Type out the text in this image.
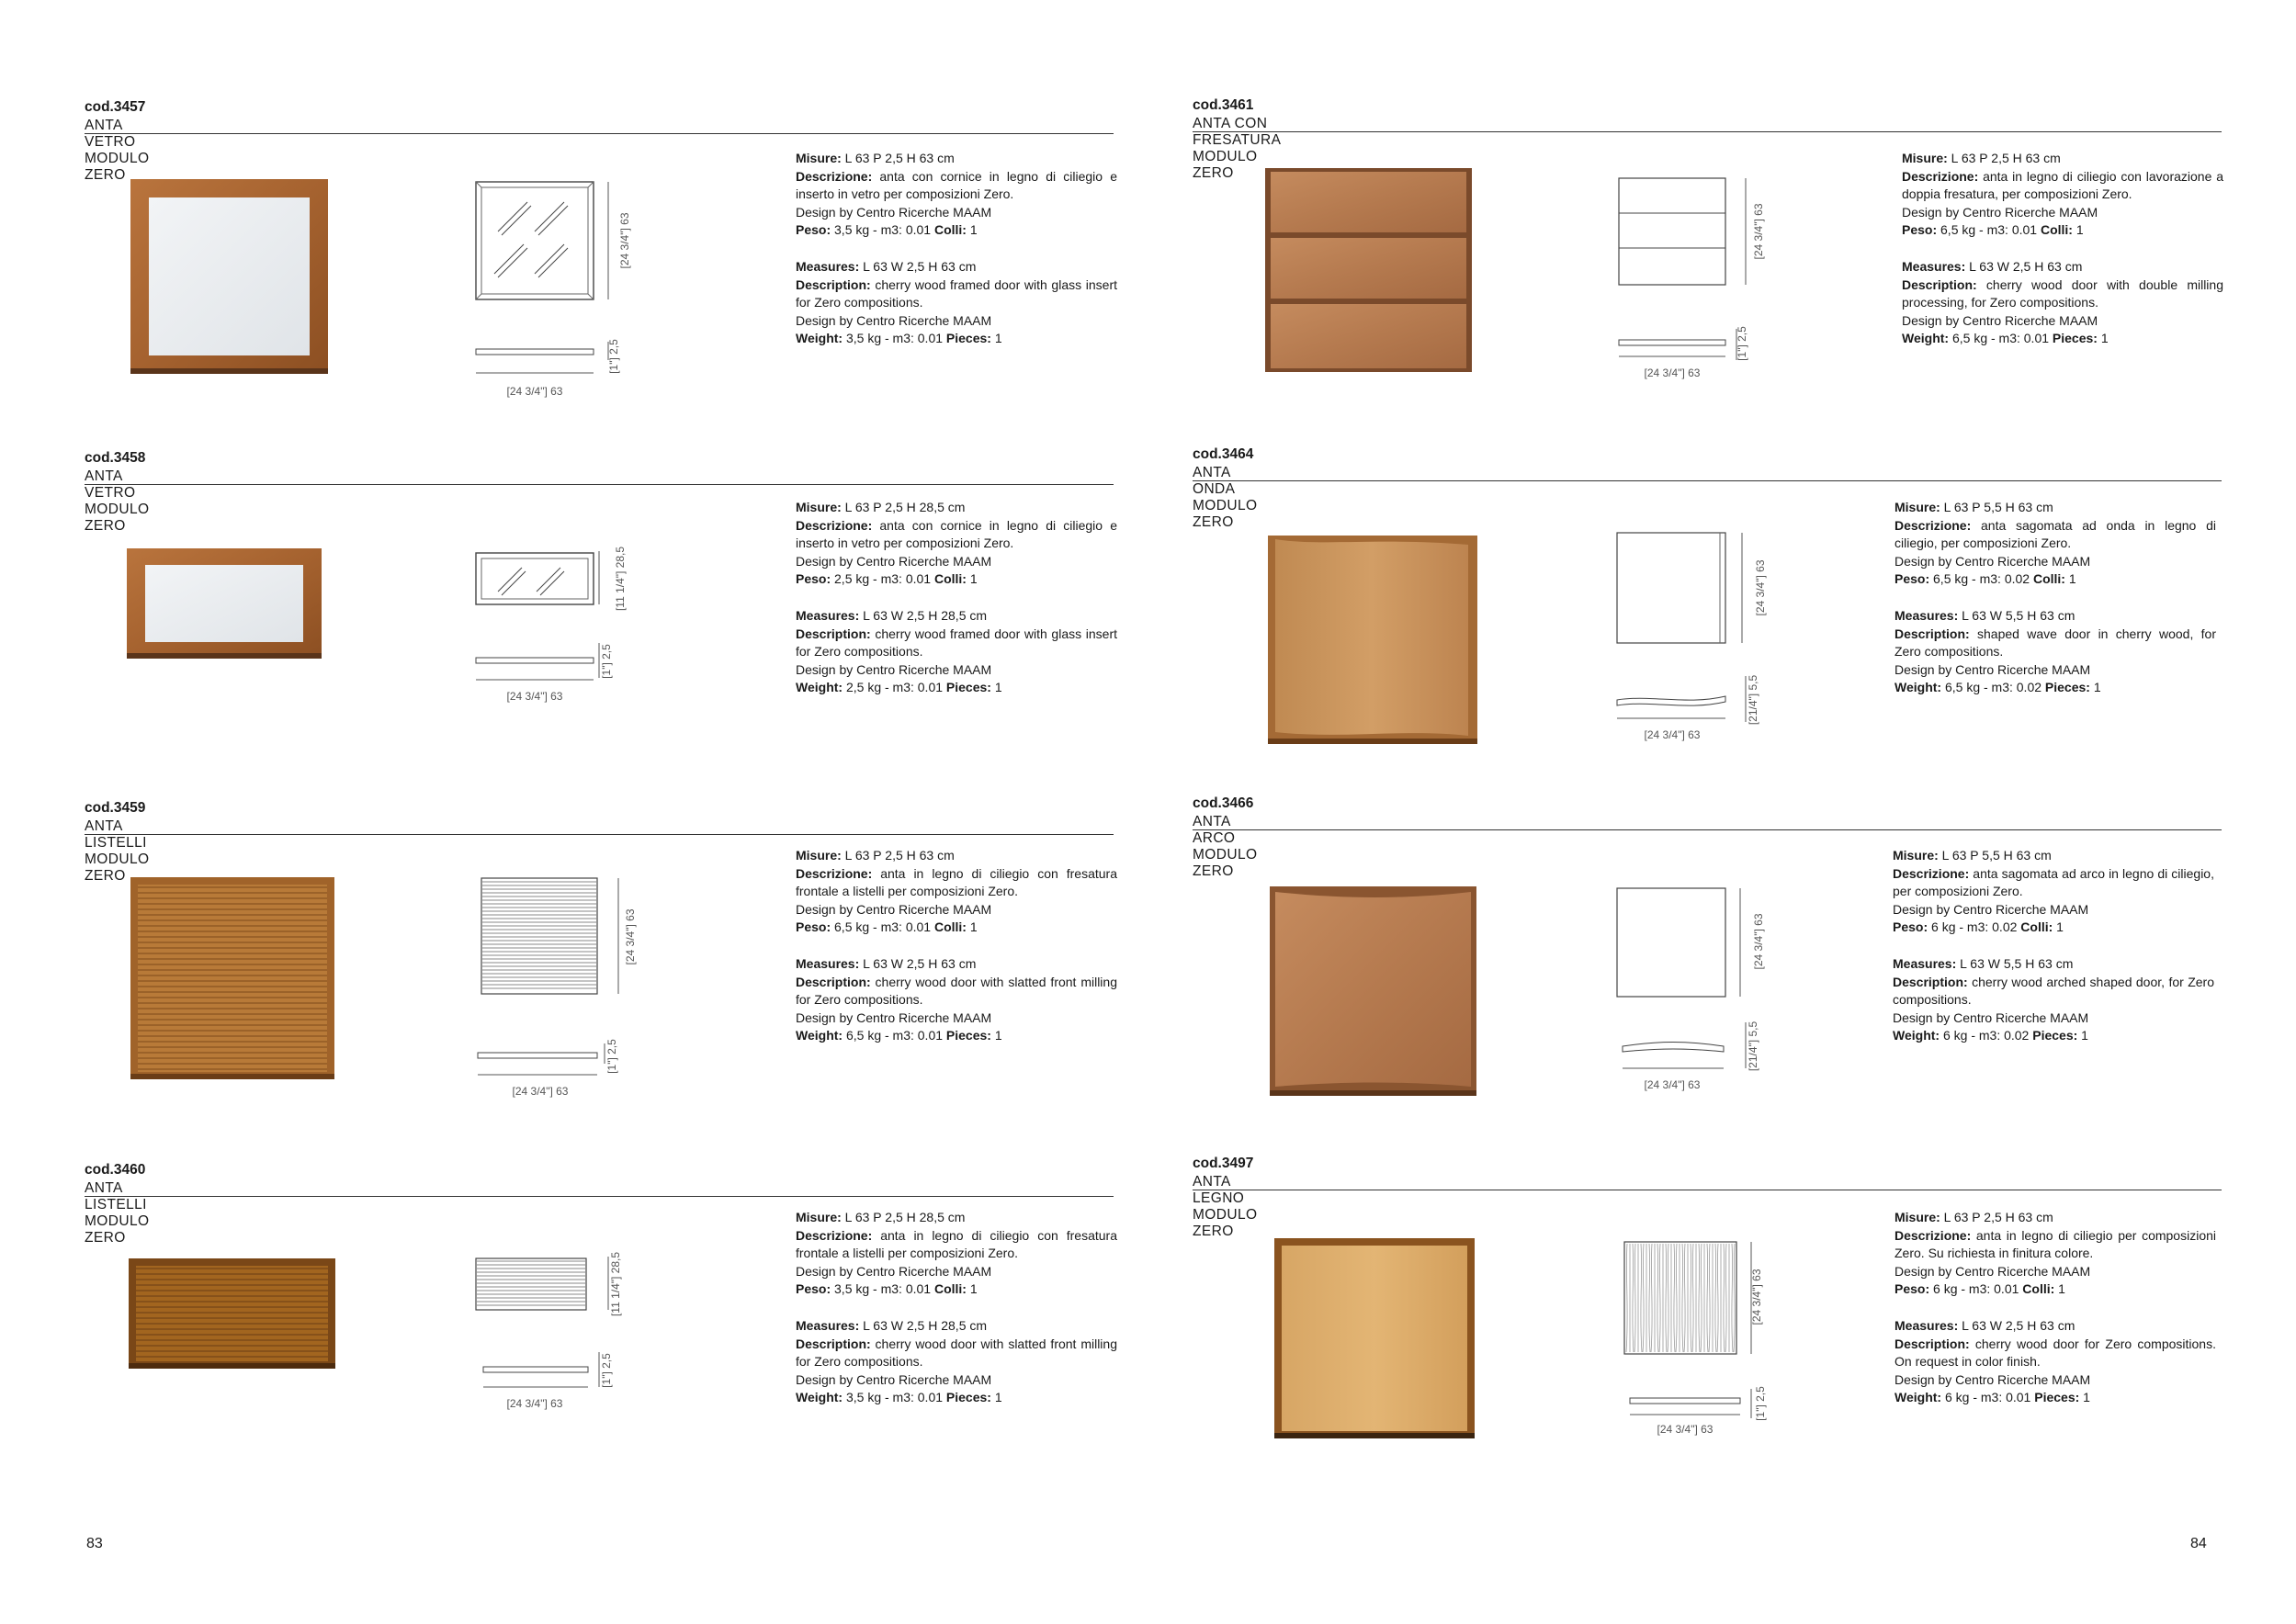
cod.3457
ANTA VETRO MODULO ZERO
[24 3/4"] 63
[1"] 2,5
[24 3/4"] 63

Misure: L 63 P 2,5 H 63 cm

Descrizione: anta con cornice in legno di ciliegio e inserto in vetro per composizioni Zero.

Design by Centro Ricerche MAAM

Peso: 3,5 kg - m3: 0.01 Colli: 1

Measures: L 63 W 2,5 H 63 cm

Description: cherry wood framed door with glass insert for Zero compositions.

Design by Centro Ricerche MAAM

Weight: 3,5 kg - m3: 0.01 Pieces: 1

cod.3458
ANTA VETRO MODULO ZERO
[11 1/4"] 28,5
[1"] 2,5
[24 3/4"] 63

Misure: L 63 P 2,5 H 28,5 cm

Descrizione: anta con cornice in legno di ciliegio e inserto in vetro per composizioni Zero.

Design by Centro Ricerche MAAM

Peso: 2,5 kg - m3: 0.01 Colli: 1

Measures: L 63 W 2,5 H 28,5 cm

Description: cherry wood framed door with glass insert for Zero compositions.

Design by Centro Ricerche MAAM

Weight: 2,5 kg - m3: 0.01 Pieces: 1

cod.3459
ANTA LISTELLI MODULO ZERO
[24 3/4"] 63
[1"] 2,5
[24 3/4"] 63

Misure: L 63 P 2,5 H 63 cm

Descrizione: anta in legno di ciliegio con fresatura frontale a listelli per composizioni Zero.

Design by Centro Ricerche MAAM

Peso: 6,5 kg - m3: 0.01 Colli: 1

Measures: L 63 W 2,5 H 63 cm

Description: cherry wood door with slatted front milling for Zero compositions.

Design by Centro Ricerche MAAM

Weight: 6,5 kg - m3: 0.01 Pieces: 1

cod.3460
ANTA LISTELLI MODULO ZERO
[11 1/4"] 28,5
[1"] 2,5
[24 3/4"] 63

Misure: L 63 P 2,5 H 28,5 cm

Descrizione: anta in legno di ciliegio con fresatura frontale a listelli per composizioni Zero.

Design by Centro Ricerche MAAM

Peso: 3,5 kg - m3: 0.01 Colli: 1

Measures: L 63 W 2,5 H 28,5 cm

Description: cherry wood door with slatted front milling for Zero compositions.

Design by Centro Ricerche MAAM

Weight: 3,5 kg - m3: 0.01 Pieces: 1

cod.3461
ANTA CON FRESATURA MODULO ZERO
[24 3/4"] 63
[1"] 2,5
[24 3/4"] 63

Misure: L 63 P 2,5 H 63 cm

Descrizione: anta in legno di ciliegio con lavorazione a doppia fresatura, per composizioni Zero.

Design by Centro Ricerche MAAM

Peso: 6,5 kg - m3: 0.01 Colli: 1

Measures: L 63 W 2,5 H 63 cm

Description: cherry wood door with double milling processing, for Zero compositions.

Design by Centro Ricerche MAAM

Weight: 6,5 kg - m3: 0.01 Pieces: 1

cod.3464
ANTA ONDA MODULO ZERO
[24 3/4"] 63
[21/4"] 5,5
[24 3/4"] 63

Misure: L 63 P 5,5 H 63 cm

Descrizione: anta sagomata ad onda in legno di ciliegio, per composizioni Zero.

Design by Centro Ricerche MAAM

Peso: 6,5 kg - m3: 0.02 Colli: 1

Measures: L 63 W 5,5 H 63 cm

Description: shaped wave door in cherry wood, for Zero compositions.

Design by Centro Ricerche MAAM

Weight: 6,5 kg - m3: 0.02 Pieces: 1

cod.3466
ANTA ARCO MODULO ZERO
[24 3/4"] 63
[21/4"] 5,5
[24 3/4"] 63

Misure: L 63 P 5,5 H 63 cm

Descrizione: anta sagomata ad arco in legno di ciliegio, per composizioni Zero.

Design by Centro Ricerche MAAM

Peso: 6 kg - m3: 0.02 Colli: 1

Measures: L 63 W 5,5 H 63 cm

Description: cherry wood arched shaped door, for Zero compositions.

Design by Centro Ricerche MAAM

Weight: 6 kg - m3: 0.02 Pieces: 1

cod.3497
ANTA LEGNO MODULO ZERO
[24 3/4"] 63
[1"] 2,5
[24 3/4"] 63

Misure: L 63 P 2,5 H 63 cm

Descrizione: anta in legno di ciliegio per composizioni Zero. Su richiesta in finitura colore.

Design by Centro Ricerche MAAM

Peso: 6 kg - m3: 0.01 Colli: 1

Measures: L 63 W 2,5 H 63 cm

Description: cherry wood door for Zero compositions. On request in color finish.

Design by Centro Ricerche MAAM

Weight: 6 kg - m3: 0.01 Pieces: 1

83	84
